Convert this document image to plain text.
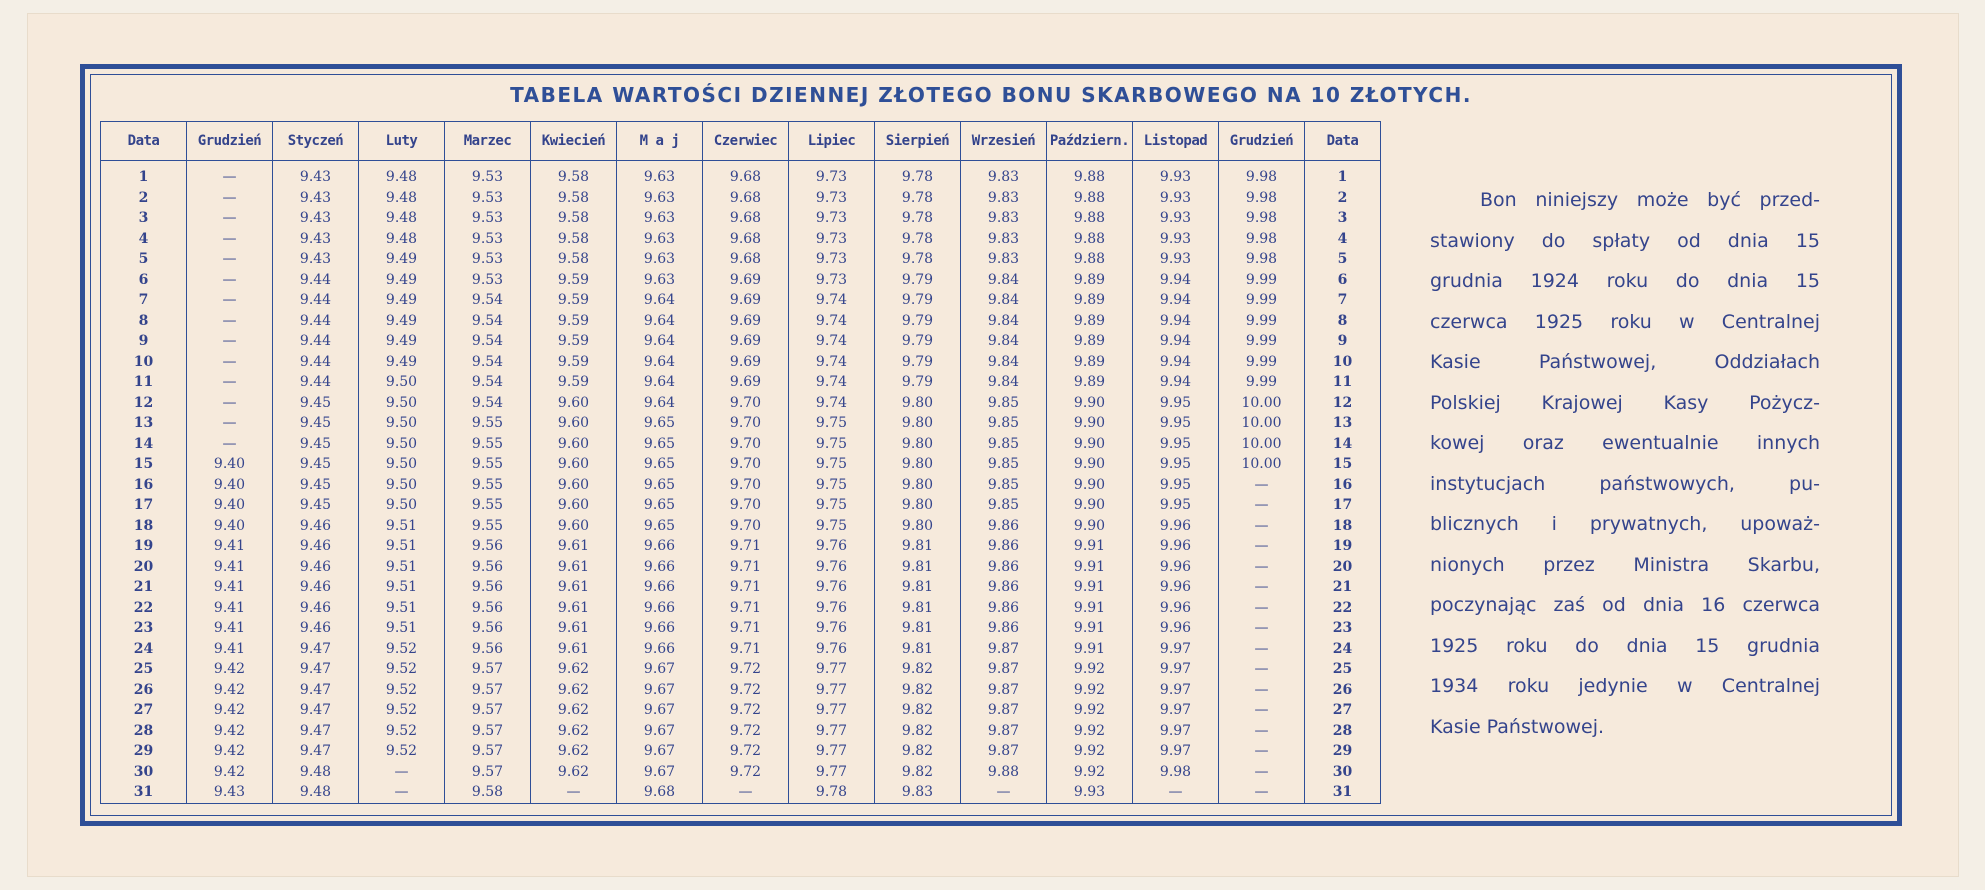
TABELA WARTOŚCI DZIENNEJ ZŁOTEGO BONU SKARBOWEGO NA 10 ZŁOTYCH.
Data	Grudzień	Styczeń	Luty	Marzec	Kwiecień	M a j	Czerwiec	Lipiec	Sierpień	Wrzesień	Październ.	Listopad	Grudzień	Data
1	—	9.43	9.48	9.53	9.58	9.63	9.68	9.73	9.78	9.83	9.88	9.93	9.98	1
2	—	9.43	9.48	9.53	9.58	9.63	9.68	9.73	9.78	9.83	9.88	9.93	9.98	2
3	—	9.43	9.48	9.53	9.58	9.63	9.68	9.73	9.78	9.83	9.88	9.93	9.98	3
4	—	9.43	9.48	9.53	9.58	9.63	9.68	9.73	9.78	9.83	9.88	9.93	9.98	4
5	—	9.43	9.49	9.53	9.58	9.63	9.68	9.73	9.78	9.83	9.88	9.93	9.98	5
6	—	9.44	9.49	9.53	9.59	9.63	9.69	9.73	9.79	9.84	9.89	9.94	9.99	6
7	—	9.44	9.49	9.54	9.59	9.64	9.69	9.74	9.79	9.84	9.89	9.94	9.99	7
8	—	9.44	9.49	9.54	9.59	9.64	9.69	9.74	9.79	9.84	9.89	9.94	9.99	8
9	—	9.44	9.49	9.54	9.59	9.64	9.69	9.74	9.79	9.84	9.89	9.94	9.99	9
10	—	9.44	9.49	9.54	9.59	9.64	9.69	9.74	9.79	9.84	9.89	9.94	9.99	10
11	—	9.44	9.50	9.54	9.59	9.64	9.69	9.74	9.79	9.84	9.89	9.94	9.99	11
12	—	9.45	9.50	9.54	9.60	9.64	9.70	9.74	9.80	9.85	9.90	9.95	10.00	12
13	—	9.45	9.50	9.55	9.60	9.65	9.70	9.75	9.80	9.85	9.90	9.95	10.00	13
14	—	9.45	9.50	9.55	9.60	9.65	9.70	9.75	9.80	9.85	9.90	9.95	10.00	14
15	9.40	9.45	9.50	9.55	9.60	9.65	9.70	9.75	9.80	9.85	9.90	9.95	10.00	15
16	9.40	9.45	9.50	9.55	9.60	9.65	9.70	9.75	9.80	9.85	9.90	9.95	—	16
17	9.40	9.45	9.50	9.55	9.60	9.65	9.70	9.75	9.80	9.85	9.90	9.95	—	17
18	9.40	9.46	9.51	9.55	9.60	9.65	9.70	9.75	9.80	9.86	9.90	9.96	—	18
19	9.41	9.46	9.51	9.56	9.61	9.66	9.71	9.76	9.81	9.86	9.91	9.96	—	19
20	9.41	9.46	9.51	9.56	9.61	9.66	9.71	9.76	9.81	9.86	9.91	9.96	—	20
21	9.41	9.46	9.51	9.56	9.61	9.66	9.71	9.76	9.81	9.86	9.91	9.96	—	21
22	9.41	9.46	9.51	9.56	9.61	9.66	9.71	9.76	9.81	9.86	9.91	9.96	—	22
23	9.41	9.46	9.51	9.56	9.61	9.66	9.71	9.76	9.81	9.86	9.91	9.96	—	23
24	9.41	9.47	9.52	9.56	9.61	9.66	9.71	9.76	9.81	9.87	9.91	9.97	—	24
25	9.42	9.47	9.52	9.57	9.62	9.67	9.72	9.77	9.82	9.87	9.92	9.97	—	25
26	9.42	9.47	9.52	9.57	9.62	9.67	9.72	9.77	9.82	9.87	9.92	9.97	—	26
27	9.42	9.47	9.52	9.57	9.62	9.67	9.72	9.77	9.82	9.87	9.92	9.97	—	27
28	9.42	9.47	9.52	9.57	9.62	9.67	9.72	9.77	9.82	9.87	9.92	9.97	—	28
29	9.42	9.47	9.52	9.57	9.62	9.67	9.72	9.77	9.82	9.87	9.92	9.97	—	29
30	9.42	9.48	—	9.57	9.62	9.67	9.72	9.77	9.82	9.88	9.92	9.98	—	30
31	9.43	9.48	—	9.58	—	9.68	—	9.78	9.83	—	9.93	—	—	31
Bon niniejszy może być przed-
stawiony do spłaty od dnia 15
grudnia 1924 roku do dnia 15
czerwca 1925 roku w Centralnej
Kasie Państwowej, Oddziałach
Polskiej Krajowej Kasy Pożycz-
kowej oraz ewentualnie innych
instytucjach państwowych, pu-
blicznych i prywatnych, upoważ-
nionych przez Ministra Skarbu,
poczynając zaś od dnia 16 czerwca
1925 roku do dnia 15 grudnia
1934 roku jedynie w Centralnej
Kasie Państwowej.
